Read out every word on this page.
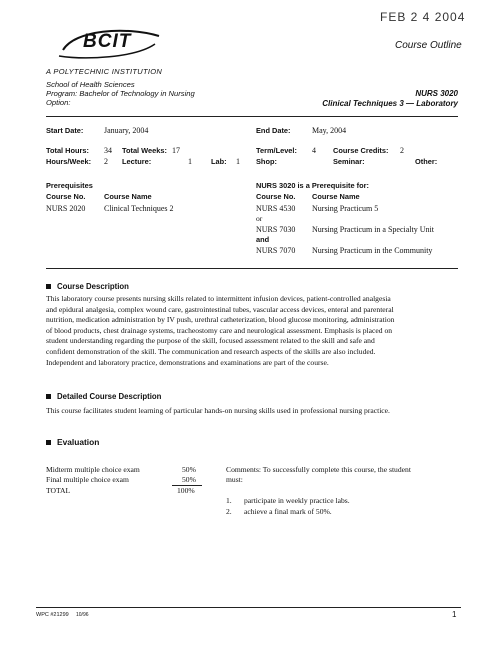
FEB 2 4 2004
Course Outline
BCIT
A POLYTECHNIC INSTITUTION
School of Health Sciences
Program: Bachelor of Technology in Nursing
Option:
NURS 3020
Clinical Techniques 3 — Laboratory
Start Date:	January, 2004	End Date:	May, 2004
Total Hours: 34 Total Weeks: 17	Term/Level: 4 Course Credits: 2
Hours/Week: 2 Lecture:	1	Lab: 1 Shop:	Seminar:	Other:
Prerequisites
Course No.	Course Name
NURS 2020 Clinical Techniques 2
NURS 3020 is a Prerequisite for:
Course No. Course Name
NURS 4530 Nursing Practicum 5
or
NURS 7030 Nursing Practicum in a Specialty Unit
and
NURS 7070 Nursing Practicum in the Community
Course Description
This laboratory course presents nursing skills related to intermittent infusion devices, patient-controlled analgesia
and epidural analgesia, complex wound care, gastrointestinal tubes, vascular access devices, enteral and parenteral
nutrition, medication administration by IV push, urethral catheterization, blood glucose monitoring, administration
of blood products, chest drainage systems, tracheostomy care and neurological assessment. Emphasis is placed on
student understanding regarding the purpose of the skill, focused assessment related to the skill and safe and
confident demonstration of the skill. The communication and research aspects of the skills are also included.
Independent and laboratory practice, demonstrations and examinations are part of the course.
Detailed Course Description
This course facilitates student learning of particular hands-on nursing skills used in professional nursing practice.
Evaluation
Midterm multiple choice exam	50%
Final multiple choice exam	50%
TOTAL	100%
Comments: To successfully complete this course, the student
must:
1. participate in weekly practice labs.
2. achieve a final mark of 50%.
WPC #21299 10/96	1
